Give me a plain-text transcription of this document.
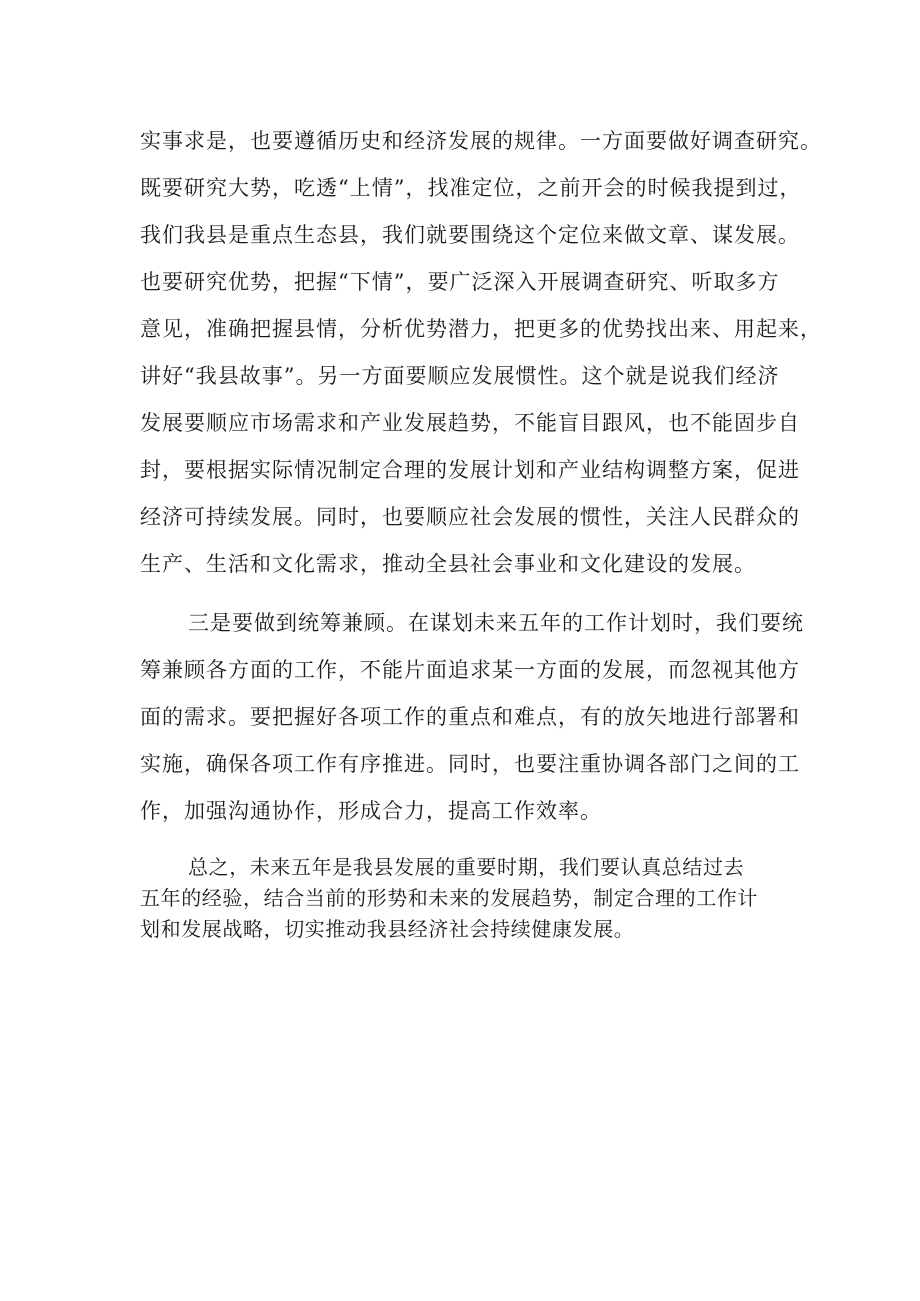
实事求是，也要遵循历史和经济发展的规律。一方面要做好调查研究。
既要研究大势，吃透“上情”，找准定位，之前开会的时候我提到过，
我们我县是重点生态县，我们就要围绕这个定位来做文章、谋发展。
也要研究优势，把握“下情”，要广泛深入开展调查研究、听取多方
意见，准确把握县情，分析优势潜力，把更多的优势找出来、用起来，
讲好“我县故事”。另一方面要顺应发展惯性。这个就是说我们经济
发展要顺应市场需求和产业发展趋势，不能盲目跟风，也不能固步自
封，要根据实际情况制定合理的发展计划和产业结构调整方案，促进
经济可持续发展。同时，也要顺应社会发展的惯性，关注人民群众的
生产、生活和文化需求，推动全县社会事业和文化建设的发展。
三是要做到统筹兼顾。在谋划未来五年的工作计划时，我们要统
筹兼顾各方面的工作，不能片面追求某一方面的发展，而忽视其他方
面的需求。要把握好各项工作的重点和难点，有的放矢地进行部署和
实施，确保各项工作有序推进。同时，也要注重协调各部门之间的工
作，加强沟通协作，形成合力，提高工作效率。
总之，未来五年是我县发展的重要时期，我们要认真总结过去
五年的经验，结合当前的形势和未来的发展趋势，制定合理的工作计
划和发展战略，切实推动我县经济社会持续健康发展。
